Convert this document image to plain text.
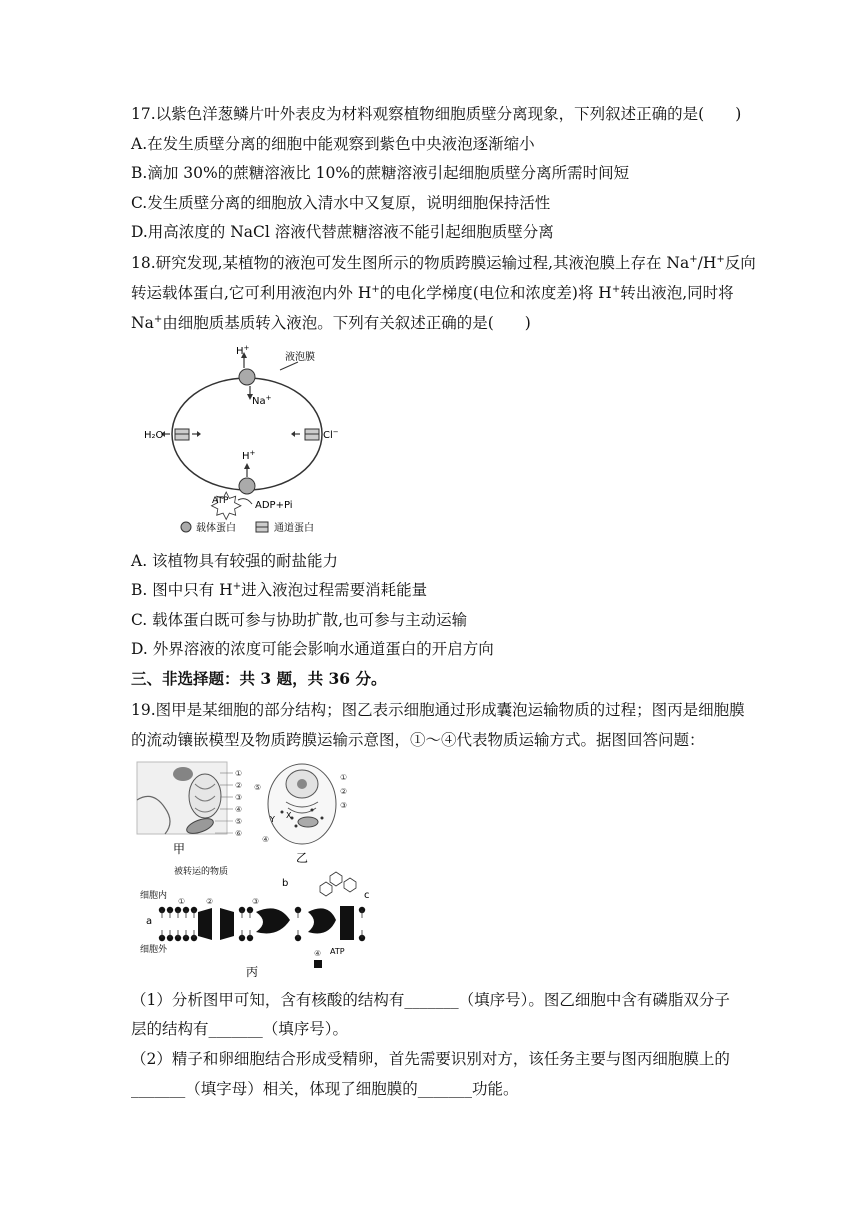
17.以紫色洋葱鳞片叶外表皮为材料观察植物细胞质壁分离现象，下列叙述正确的是(　　)
A.在发生质壁分离的细胞中能观察到紫色中央液泡逐渐缩小
B.滴加 30%的蔗糖溶液比 10%的蔗糖溶液引起细胞质壁分离所需时间短
C.发生质壁分离的细胞放入清水中又复原，说明细胞保持活性
D.用高浓度的 NaCl 溶液代替蔗糖溶液不能引起细胞质壁分离
18.研究发现,某植物的液泡可发生图所示的物质跨膜运输过程,其液泡膜上存在 Na+/H+反向
转运载体蛋白,它可利用液泡内外 H+的电化学梯度(电位和浓度差)将 H+转出液泡,同时将
Na+由细胞质基质转入液泡。下列有关叙述正确的是(　　)
H+
Na+
液泡膜
H₂O	Cl−
H+
ATP	ADP+Pi
载体蛋白	通道蛋白
A. 该植物具有较强的耐盐能力
B. 图中只有 H+进入液泡过程需要消耗能量
C. 载体蛋白既可参与协助扩散,也可参与主动运输
D. 外界溶液的浓度可能会影响水通道蛋白的开启方向
三、非选择题：共 3 题，共 36 分。
19.图甲是某细胞的部分结构；图乙表示细胞通过形成囊泡运输物质的过程；图丙是细胞膜
的流动镶嵌模型及物质跨膜运输示意图，①～④代表物质运输方式。据图回答问题：
①
②
③
④
⑤
⑥
甲
Y X
①
②
③
⑤
④
乙
被转运的物质
细胞内
细胞外
a
b
c
②	③
①
④ ATP
丙
（1）分析图甲可知，含有核酸的结构有_______（填序号）。图乙细胞中含有磷脂双分子
层的结构有_______（填序号）。
（2）精子和卵细胞结合形成受精卵，首先需要识别对方，该任务主要与图丙细胞膜上的
_______（填字母）相关，体现了细胞膜的_______功能。
